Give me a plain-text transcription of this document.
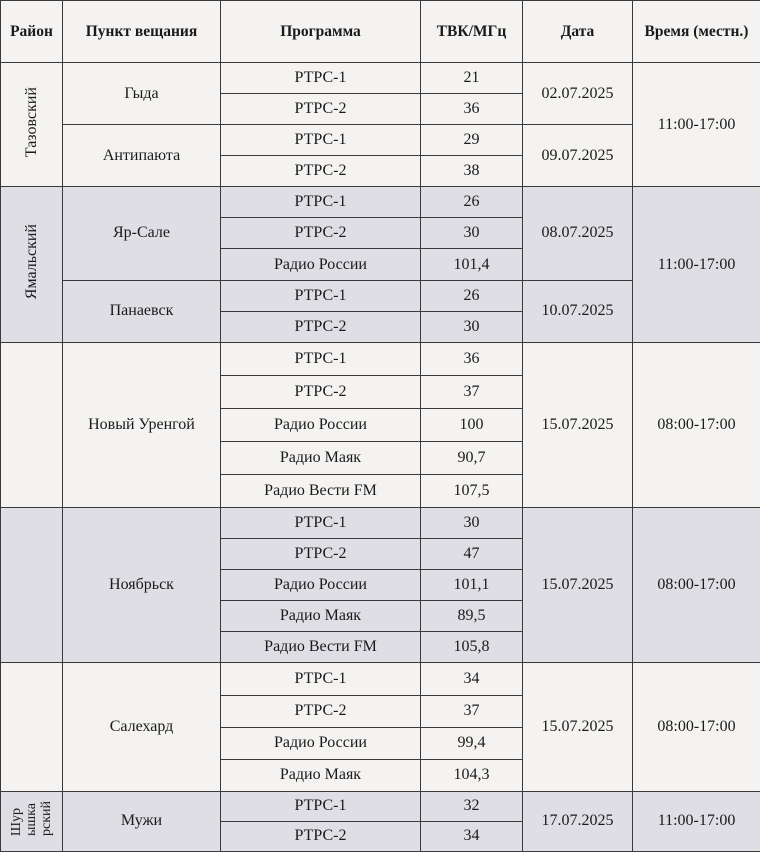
Район	Пункт вещания	Программа	ТВК/МГц	Дата	Время (местн.)
Тазовский	Гыда	РТРС-1	21	02.07.2025	11:00-17:00
		РТРС-2	36		
	Антипаюта	РТРС-1	29	09.07.2025	
		РТРС-2	38		
Ямальский	Яр-Сале	РТРС-1	26	08.07.2025	11:00-17:00
		РТРС-2	30		
		Радио России	101,4		
	Панаевск	РТРС-1	26	10.07.2025	
		РТРС-2	30		
	Новый Уренгой	РТРС-1	36	15.07.2025	08:00-17:00
		РТРС-2	37		
		Радио России	100		
		Радио Маяк	90,7		
		Радио Вести FM	107,5		
	Ноябрьск	РТРС-1	30	15.07.2025	08:00-17:00
		РТРС-2	47		
		Радио России	101,1		
		Радио Маяк	89,5		
		Радио Вести FM	105,8		
	Салехард	РТРС-1	34	15.07.2025	08:00-17:00
		РТРС-2	37		
		Радио России	99,4		
		Радио Маяк	104,3		
Шурышкарский	Мужи	РТРС-1	32	17.07.2025	11:00-17:00
		РТРС-2	34		
